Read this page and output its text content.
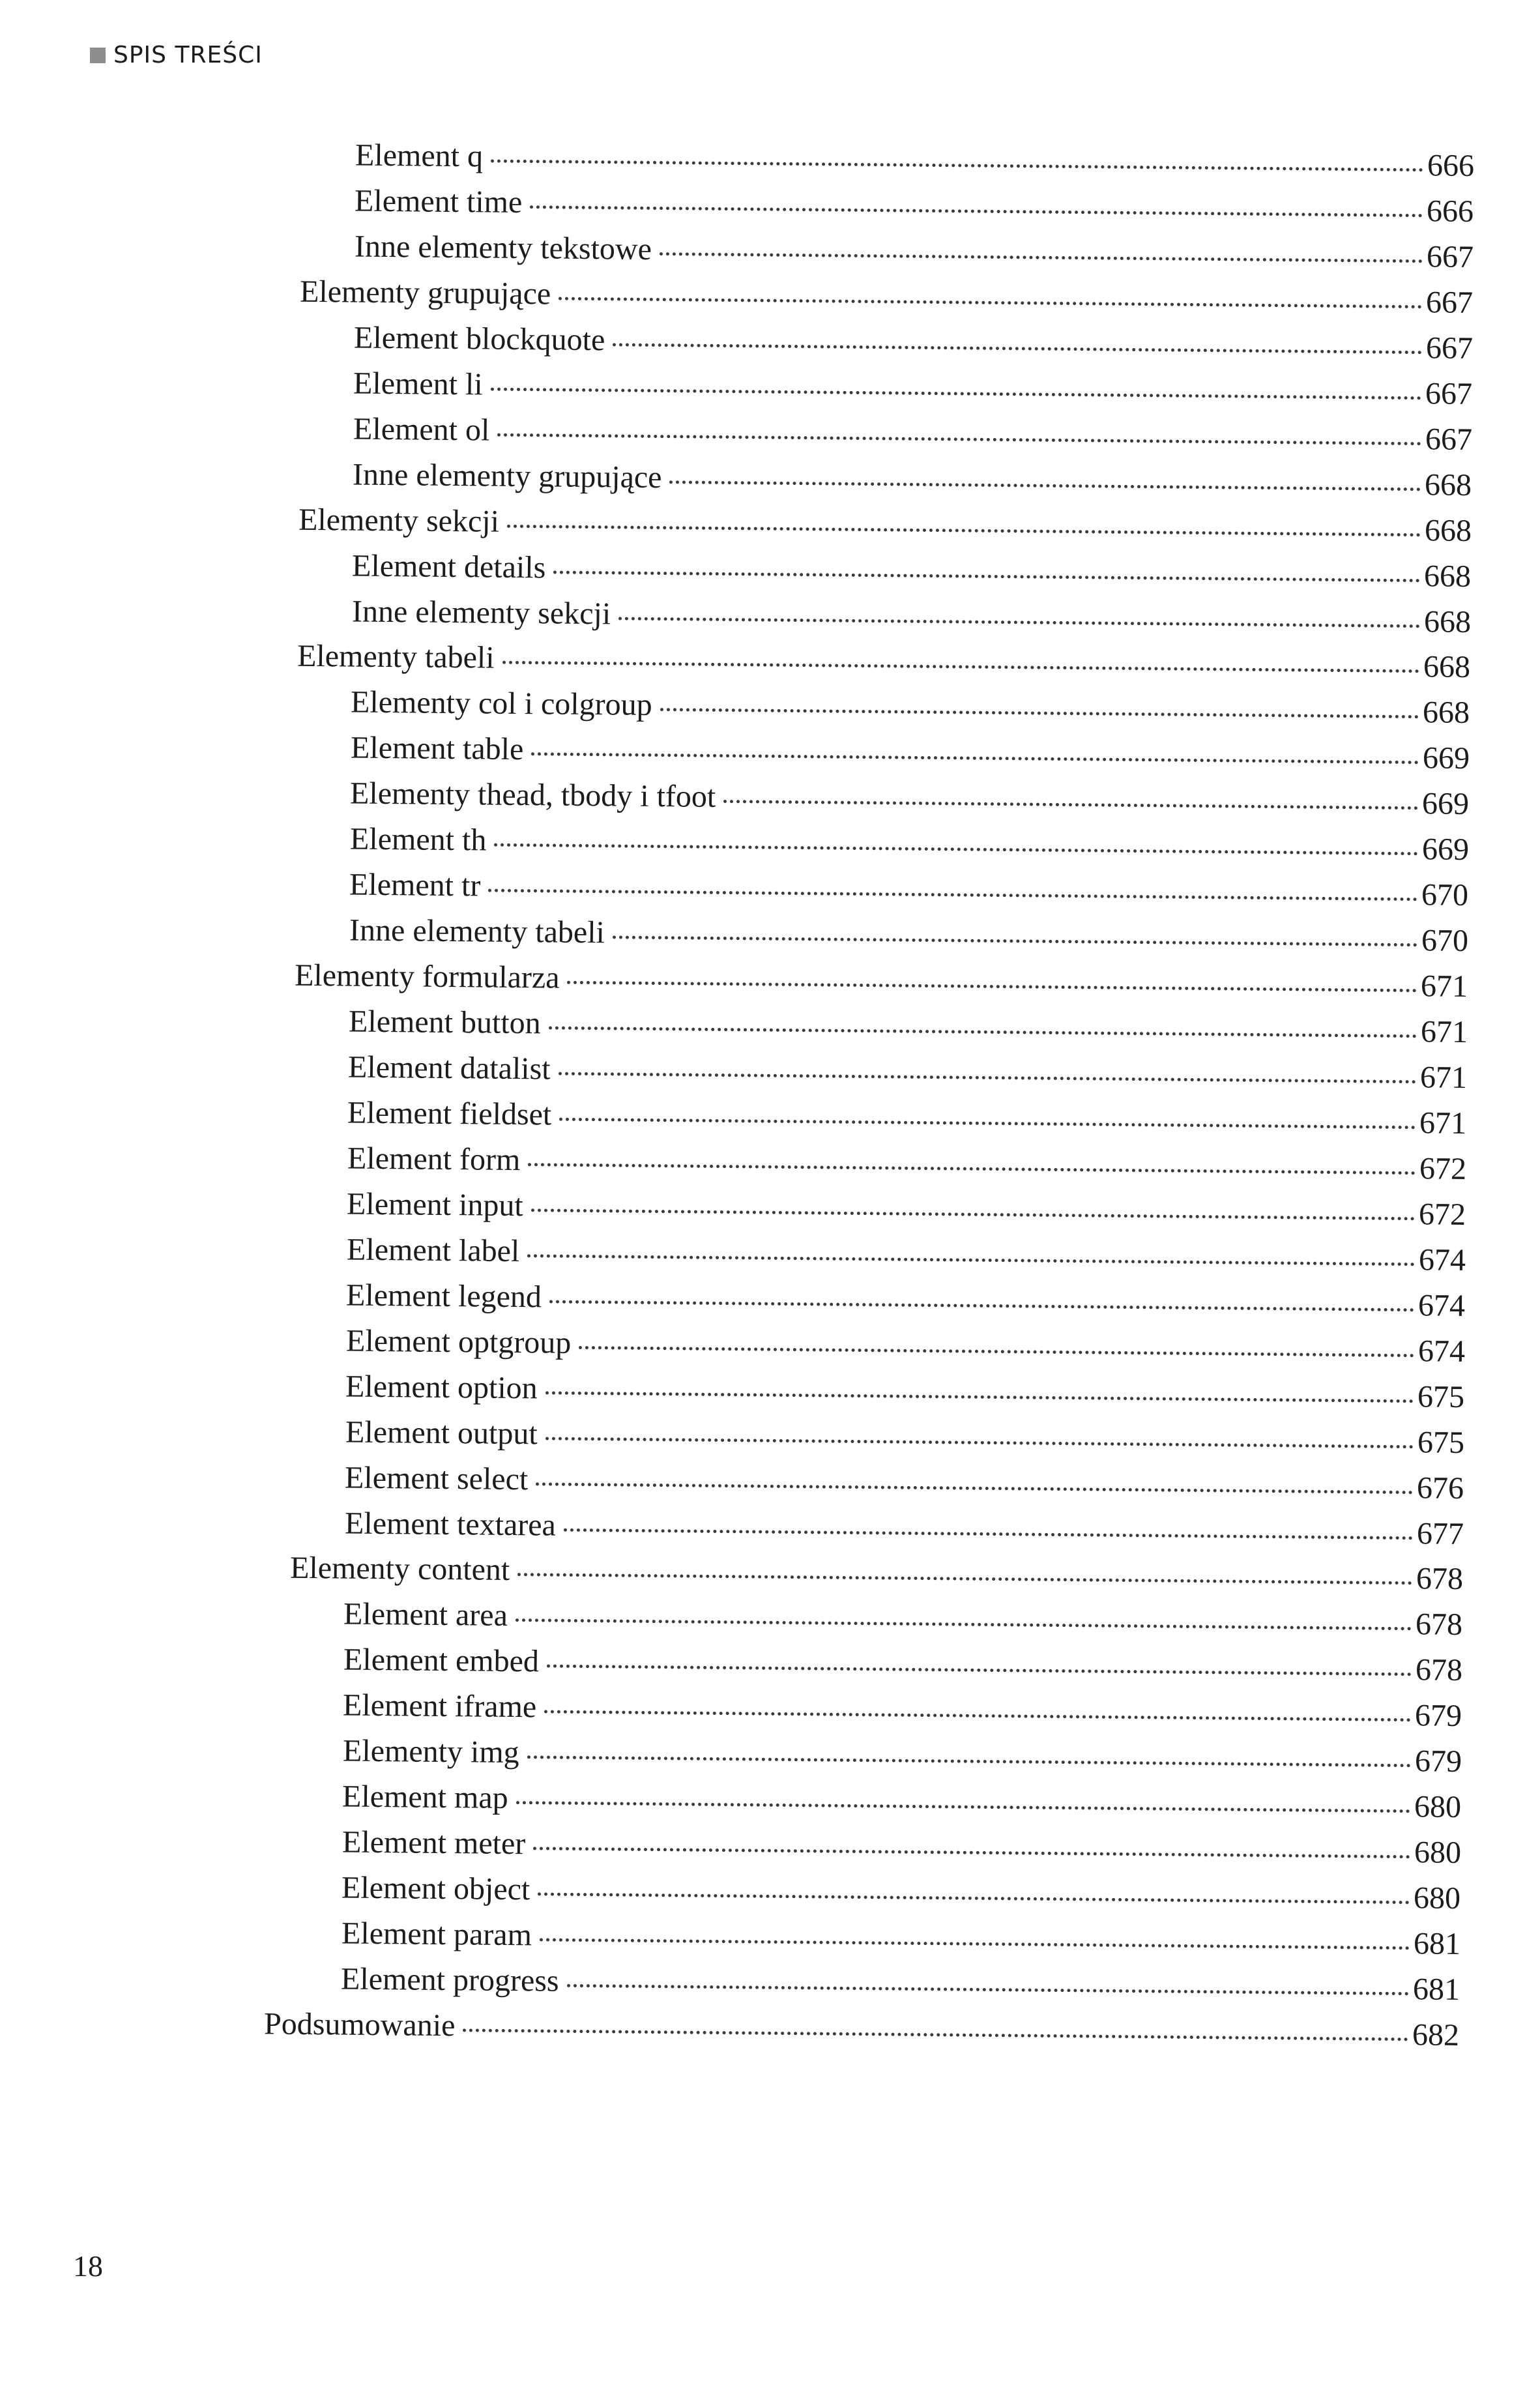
SPIS TREŚCI
Element q	666
Element time	666
Inne elementy tekstowe	667
Elementy grupujące	667
Element blockquote	667
Element li	667
Element ol	667
Inne elementy grupujące	668
Elementy sekcji	668
Element details	668
Inne elementy sekcji	668
Elementy tabeli	668
Elementy col i colgroup	668
Element table	669
Elementy thead, tbody i tfoot	669
Element th	669
Element tr	670
Inne elementy tabeli	670
Elementy formularza	671
Element button	671
Element datalist	671
Element fieldset	671
Element form	672
Element input	672
Element label	674
Element legend	674
Element optgroup	674
Element option	675
Element output	675
Element select	676
Element textarea	677
Elementy content	678
Element area	678
Element embed	678
Element iframe	679
Elementy img	679
Element map	680
Element meter	680
Element object	680
Element param	681
Element progress	681
Podsumowanie	682
18
